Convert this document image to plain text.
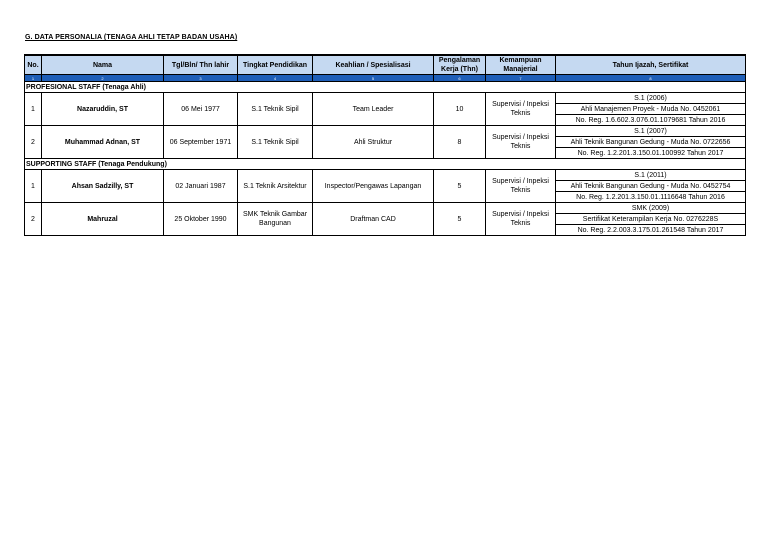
G. DATA PERSONALIA (TENAGA AHLI TETAP BADAN USAHA)
No.	Nama	Tgl/Bln/ Thn lahir	Tingkat Pendidikan	Keahlian / Spesialisasi	Pengalaman Kerja (Thn)	Kemampuan Manajerial	Tahun Ijazah, Sertifikat
1	2	3	4	5	6	7	8
PROFESIONAL STAFF (Tenaga Ahli)							
1	Nazaruddin, ST	06 Mei 1977	S.1 Teknik Sipil	Team Leader	10	Supervisi / Inpeksi Teknis	S.1 (2006)
							Ahli Manajemen Proyek - Muda No. 0452061
							No. Reg. 1.6.602.3.076.01.1079681 Tahun 2016
2	Muhammad Adnan, ST	06 September 1971	S.1 Teknik Sipil	Ahli Struktur	8	Supervisi / Inpeksi Teknis	S.1 (2007)
							Ahli Teknik Bangunan Gedung - Muda No. 0722656
							No. Reg. 1.2.201.3.150.01.100992 Tahun 2017
SUPPORTING STAFF (Tenaga Pendukung)							
1	Ahsan Sadzilly, ST	02 Januari 1987	S.1 Teknik Arsitektur	Inspector/Pengawas Lapangan	5	Supervisi / Inpeksi Teknis	S.1 (2011)
							Ahli Teknik Bangunan Gedung - Muda No. 0452754
							No. Reg. 1.2.201.3.150.01.1116648 Tahun 2016
2	Mahruzal	25 Oktober 1990	SMK Teknik Gambar Bangunan	Draftman CAD	5	Supervisi / Inpeksi Teknis	SMK (2009)
							Sertifikat Keterampilan Kerja No. 0276228S
							No. Reg. 2.2.003.3.175.01.261548 Tahun 2017
